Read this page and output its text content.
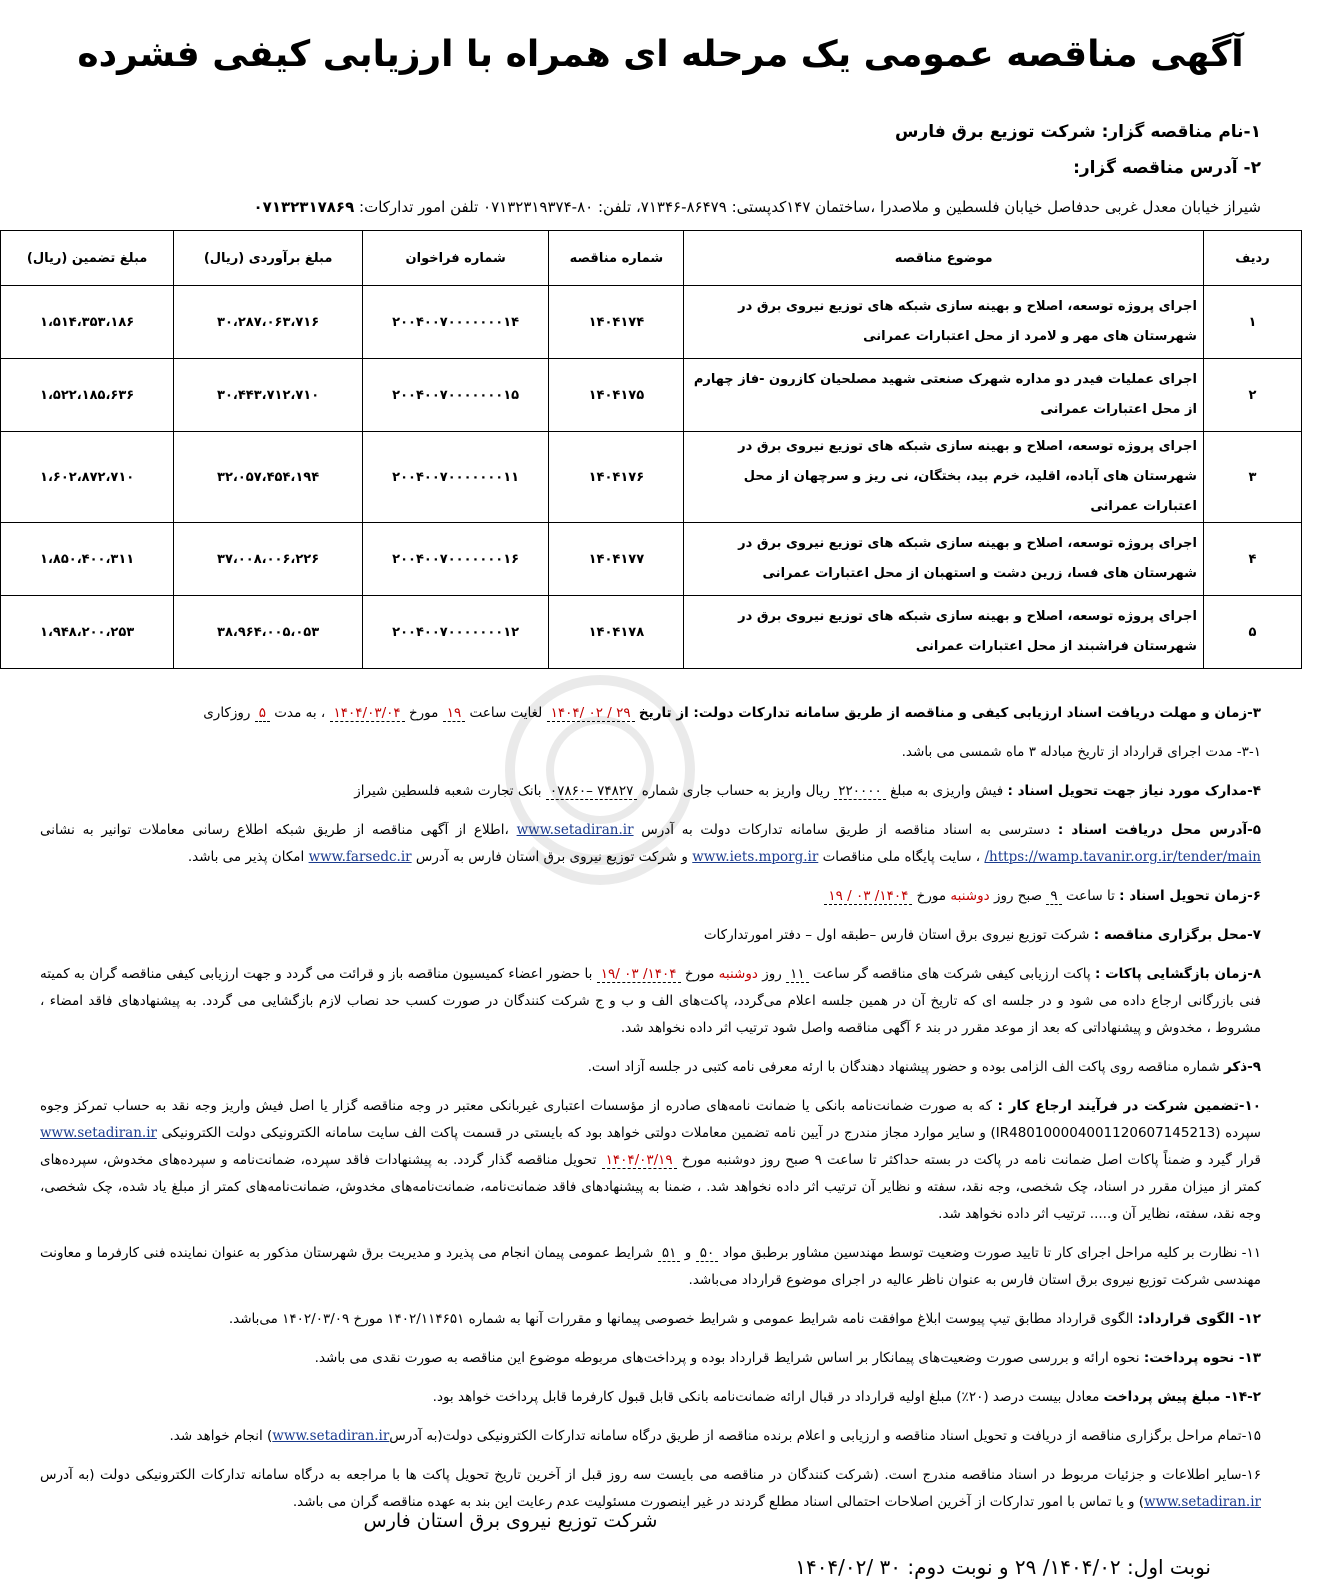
آگهی مناقصه عمومی یک مرحله ای همراه با ارزیابی کیفی فشرده
۱-نام مناقصه گزار: شرکت توزیع برق فارس
۲- آدرس مناقصه گزار:
شیراز خیابان معدل غربی حدفاصل خیابان فلسطین و ملاصدرا ،ساختمان ۱۴۷کدپستی: ۸۶۴۷۹-۷۱۳۴۶، تلفن: ۸۰-۰۷۱۳۲۳۱۹۳۷۴ تلفن امور تدارکات: ۰۷۱۳۲۳۱۷۸۶۹
ردیف	موضوع مناقصه	شماره مناقصه	شماره فراخوان	مبلغ برآوردی (ریال)	مبلغ تضمین (ریال)
۱	اجرای پروژه توسعه، اصلاح و بهینه سازی شبکه های توزیع نیروی برق در شهرستان های مهر و لامرد از محل اعتبارات عمرانی	۱۴۰۴۱۷۴	۲۰۰۴۰۰۷۰۰۰۰۰۰۰۱۴	۳۰،۲۸۷،۰۶۳،۷۱۶	۱،۵۱۴،۳۵۳،۱۸۶
۲	اجرای عملیات فیدر دو مداره شهرک صنعتی شهید مصلحیان کازرون -فاز چهارم از محل اعتبارات عمرانی	۱۴۰۴۱۷۵	۲۰۰۴۰۰۷۰۰۰۰۰۰۰۱۵	۳۰،۴۴۳،۷۱۲،۷۱۰	۱،۵۲۲،۱۸۵،۶۳۶
۳	اجرای پروژه توسعه، اصلاح و بهینه سازی شبکه های توزیع نیروی برق در شهرستان های آباده، اقلید، خرم بید، بختگان، نی ریز و سرچهان از محل اعتبارات عمرانی	۱۴۰۴۱۷۶	۲۰۰۴۰۰۷۰۰۰۰۰۰۰۱۱	۳۲،۰۵۷،۴۵۴،۱۹۴	۱،۶۰۲،۸۷۲،۷۱۰
۴	اجرای پروژه توسعه، اصلاح و بهینه سازی شبکه های توزیع نیروی برق در شهرستان های فسا، زرین دشت و استهبان از محل اعتبارات عمرانی	۱۴۰۴۱۷۷	۲۰۰۴۰۰۷۰۰۰۰۰۰۰۱۶	۳۷،۰۰۸،۰۰۶،۲۲۶	۱،۸۵۰،۴۰۰،۳۱۱
۵	اجرای پروژه توسعه، اصلاح و بهینه سازی شبکه های توزیع نیروی برق در شهرستان فراشبند از محل اعتبارات عمرانی	۱۴۰۴۱۷۸	۲۰۰۴۰۰۷۰۰۰۰۰۰۰۱۲	۳۸،۹۶۴،۰۰۵،۰۵۳	۱،۹۴۸،۲۰۰،۲۵۳

۳-زمان و مهلت دریافت اسناد ارزیابی کیفی و مناقصه از طریق سامانه تدارکات دولت: از تاریخ ۲۹ / ۰۲ /۱۴۰۴ لغایت ساعت ۱۹ مورخ ۱۴۰۴/۰۳/۰۴ ، به مدت ۵ روزکاری

۳-۱- مدت اجرای قرارداد از تاریخ مبادله ۳ ماه شمسی می باشد.

۴-مدارک مورد نیاز جهت تحویل اسناد : فیش واریزی به مبلغ ۲۲۰۰۰۰ ریال واریز به حساب جاری شماره ۷۴۸۲۷ –۰۷۸۶۰ بانک تجارت شعبه فلسطین شیراز

۵-آدرس محل دریافت اسناد : دسترسی به اسناد مناقصه از طریق سامانه تدارکات دولت به آدرس www.setadiran.ir ،اطلاع از آگهی مناقصه از طریق شبکه اطلاع رسانی معاملات توانیر به نشانی https://wamp.tavanir.org.ir/tender/main/ ، سایت پایگاه ملی مناقصات www.iets.mporg.ir و شرکت توزیع نیروی برق استان فارس به آدرس www.farsedc.ir امکان پذیر می باشد.

۶-زمان تحویل اسناد : تا ساعت ۹ صبح روز دوشنبه مورخ ۱۴۰۴/ ۰۳ / ۱۹

۷-محل برگزاری مناقصه : شرکت توزیع نیروی برق استان فارس –طبقه اول – دفتر امورتدارکات

۸-زمان بازگشایی پاکات : پاکت ارزیابی کیفی شرکت های مناقصه گر ساعت ۱۱ روز دوشنبه مورخ ۱۴۰۴/ ۰۳ /۱۹ با حضور اعضاء کمیسیون مناقصه باز و قرائت می گردد و جهت ارزیابی کیفی مناقصه گران به کمیته فنی بازرگانی ارجاع داده می شود و در جلسه ای که تاریخ آن در همین جلسه اعلام می‌گردد، پاکت‌های الف و ب و ج شرکت کنندگان در صورت کسب حد نصاب لازم بازگشایی می گردد. به پیشنهادهای فاقد امضاء ، مشروط ، مخدوش و پیشنهاداتی که بعد از موعد مقرر در بند ۶ آگهی مناقصه واصل شود ترتیب اثر داده نخواهد شد.

۹-ذکر شماره مناقصه روی پاکت الف الزامی بوده و حضور پیشنهاد دهندگان با ارئه معرفی نامه کتبی در جلسه آزاد است.

۱۰-تضمین شرکت در فرآیند ارجاع کار : که به صورت ضمانت‌نامه بانکی یا ضمانت نامه‌های صادره از مؤسسات اعتباری غیربانکی معتبر در وجه مناقصه گزار یا اصل فیش واریز وجه نقد به حساب تمرکز وجوه سپرده (IR480100004001120607145213) و سایر موارد مجاز مندرج در آیین نامه تضمین معاملات دولتی خواهد بود که بایستی در قسمت پاکت الف سایت سامانه الکترونیکی دولت الکترونیکی www.setadiran.ir قرار گیرد و ضمناً پاکات اصل ضمانت نامه در پاکت در بسته حداکثر تا ساعت ۹ صبح روز دوشنبه مورخ ۱۴۰۴/۰۳/۱۹ تحویل مناقصه گذار گردد. به پیشنهادات فاقد سپرده، ضمانت‌نامه و سپرده‌های مخدوش، سپرده‌های کمتر از میزان مقرر در اسناد، چک شخصی، وجه نقد، سفته و نظایر آن ترتیب اثر داده نخواهد شد. ، ضمنا به پیشنهادهای فاقد ضمانت‌نامه، ضمانت‌نامه‌های مخدوش، ضمانت‌نامه‌های کمتر از مبلغ یاد شده، چک شخصی، وجه نقد، سفته، نظایر آن و..... ترتیب اثر داده نخواهد شد.

۱۱- نظارت بر کلیه مراحل اجرای کار تا تایید صورت وضعیت توسط مهندسین مشاور برطبق مواد ۵۰ و ۵۱ شرایط عمومی پیمان انجام می پذیرد و مدیریت برق شهرستان مذکور به عنوان نماینده فنی کارفرما و معاونت مهندسی شرکت توزیع نیروی برق استان فارس به عنوان ناظر عالیه در اجرای موضوع قرارداد می‌باشد.

۱۲- الگوی قرارداد: الگوی قرارداد مطابق تیپ پیوست ابلاغ موافقت نامه شرایط عمومی و شرایط خصوصی پیمانها و مقررات آنها به شماره ۱۴۰۲/۱۱۴۶۵۱ مورخ ۱۴۰۲/۰۳/۰۹ می‌باشد.

۱۳- نحوه پرداخت: نحوه ارائه و بررسی صورت وضعیت‌های پیمانکار بر اساس شرایط قرارداد بوده و پرداخت‌های مربوطه موضوع این مناقصه به صورت نقدی می باشد.

۱۴-۲- مبلغ پیش پرداخت معادل بیست درصد (۲۰٪) مبلغ اولیه قرارداد در قبال ارائه ضمانت‌نامه بانکی قابل قبول کارفرما قابل پرداخت خواهد بود.

۱۵-تمام مراحل برگزاری مناقصه از دریافت و تحویل اسناد مناقصه و ارزیابی و اعلام برنده مناقصه از طریق درگاه سامانه تدارکات الکترونیکی دولت(به آدرسwww.setadiran.ir) انجام خواهد شد.

۱۶-سایر اطلاعات و جزئیات مربوط در اسناد مناقصه مندرج است. (شرکت کنندگان در مناقصه می بایست سه روز قبل از آخرین تاریخ تحویل پاکت ها با مراجعه به درگاه سامانه تدارکات الکترونیکی دولت (به آدرس www.setadiran.ir) و یا تماس با امور تدارکات از آخرین اصلاحات احتمالی اسناد مطلع گردند در غیر اینصورت مسئولیت عدم رعایت این بند به عهده مناقصه گران می باشد.

شرکت توزیع نیروی برق استان فارس
نوبت اول: ۱۴۰۴/۰۲/ ۲۹ و نوبت دوم: ۳۰ /۱۴۰۴/۰۲
